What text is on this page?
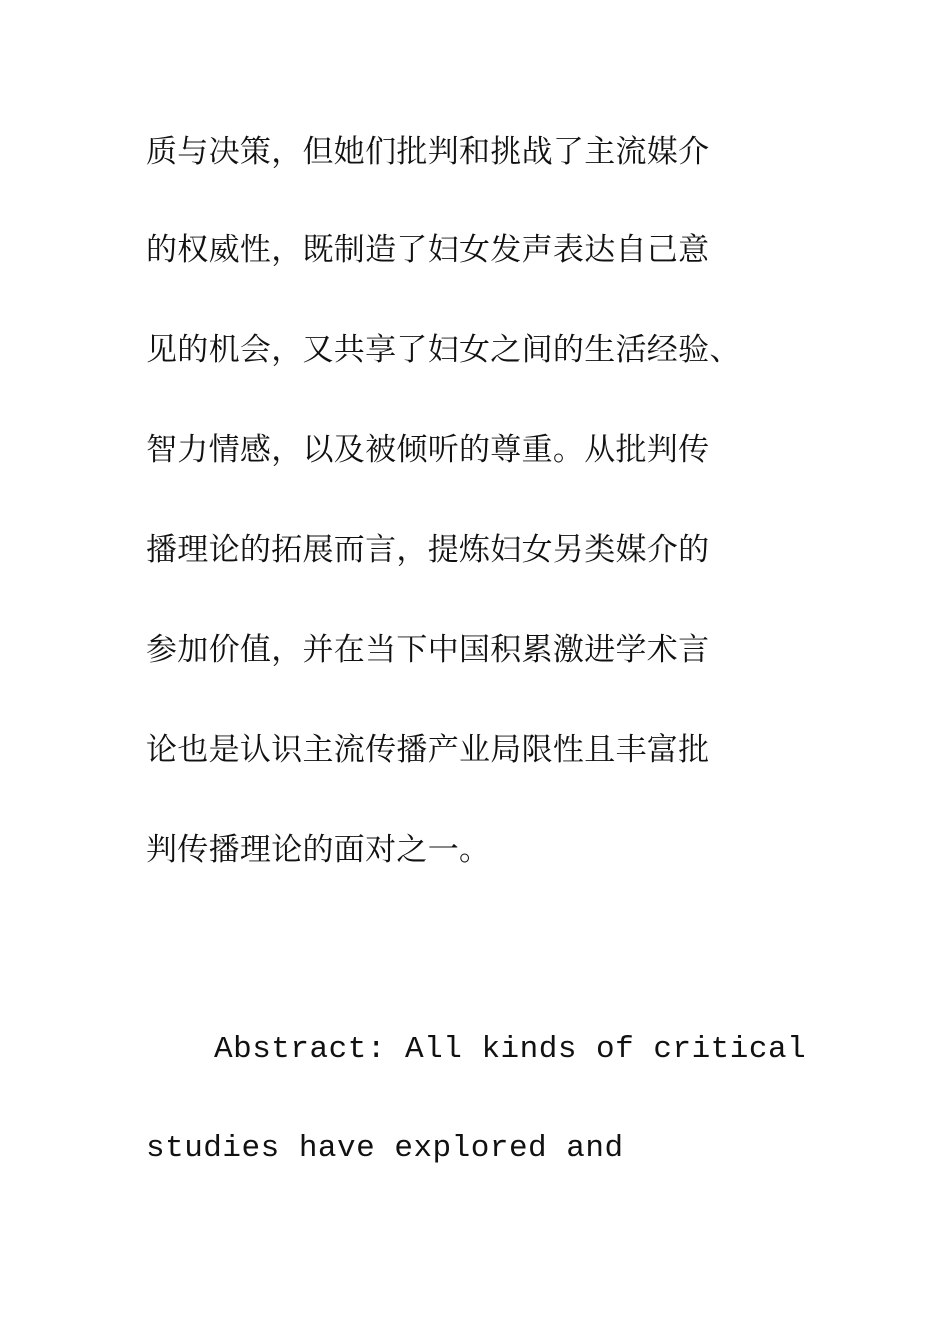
质与决策，但她们批判和挑战了主流媒介
的权威性，既制造了妇女发声表达自己意
见的机会，又共享了妇女之间的生活经验、
智力情感，以及被倾听的尊重。从批判传
播理论的拓展而言，提炼妇女另类媒介的
参加价值，并在当下中国积累激进学术言
论也是认识主流传播产业局限性且丰富批
判传播理论的面对之一。
Abstract: All kinds of critical
studies have explored and
